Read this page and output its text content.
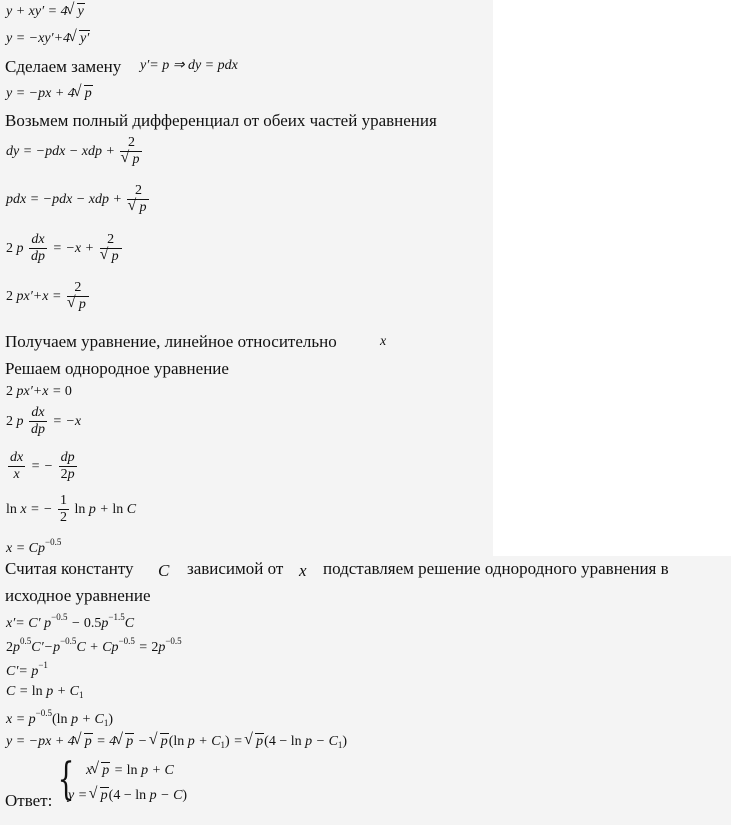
y + xy′ = 4 √ y
y = −xy′+4 √ y′
Сделаем замену y′= p ⇒ dy = pdx
y = −px + 4 √ p
Возьмем полный дифференциал от обеих частей уравнения
dy = −pdx − xdp + 2
√ p
pdx = −pdx − xdp + 2
√ p
2 p $\frac{dx}{dp} = -x + 2$
√ p
2 px′+x = 2
√ p
Получаем уравнение, линейное относительно	x
Решаем однородное уравнение
2 px′+x = 0
2 p $\frac{dx}{dp} = -x$
$\frac{dx}{x}$ = − $\frac{dp}{2p}$
ln x = − $\frac{1}{2}$ ln p + ln C
$x = Cp^{-0.5}$
Считая константу C зависимой от x подставляем решение однородного уравнения в
исходное уравнение
x′= C′ $p^{-0.5} - 0.5p^{-1.5}C$
$2p^{0.5}C'-p^{-0.5}C + Cp^{-0.5} = 2p^{-0.5}$
$C'= p^{-1}$
$C = \ln p + C_1$
$x = p^{-0.5}(\ln$ $p + C_1$)
y = −px + 4 √ p = 4 √ p − √ p(ln $p + C_1$) = √ $p(4 - \ln p - C_1)$
Ответ: { x √ p = ln p + C
y = √ p(4 − ln p − C)
